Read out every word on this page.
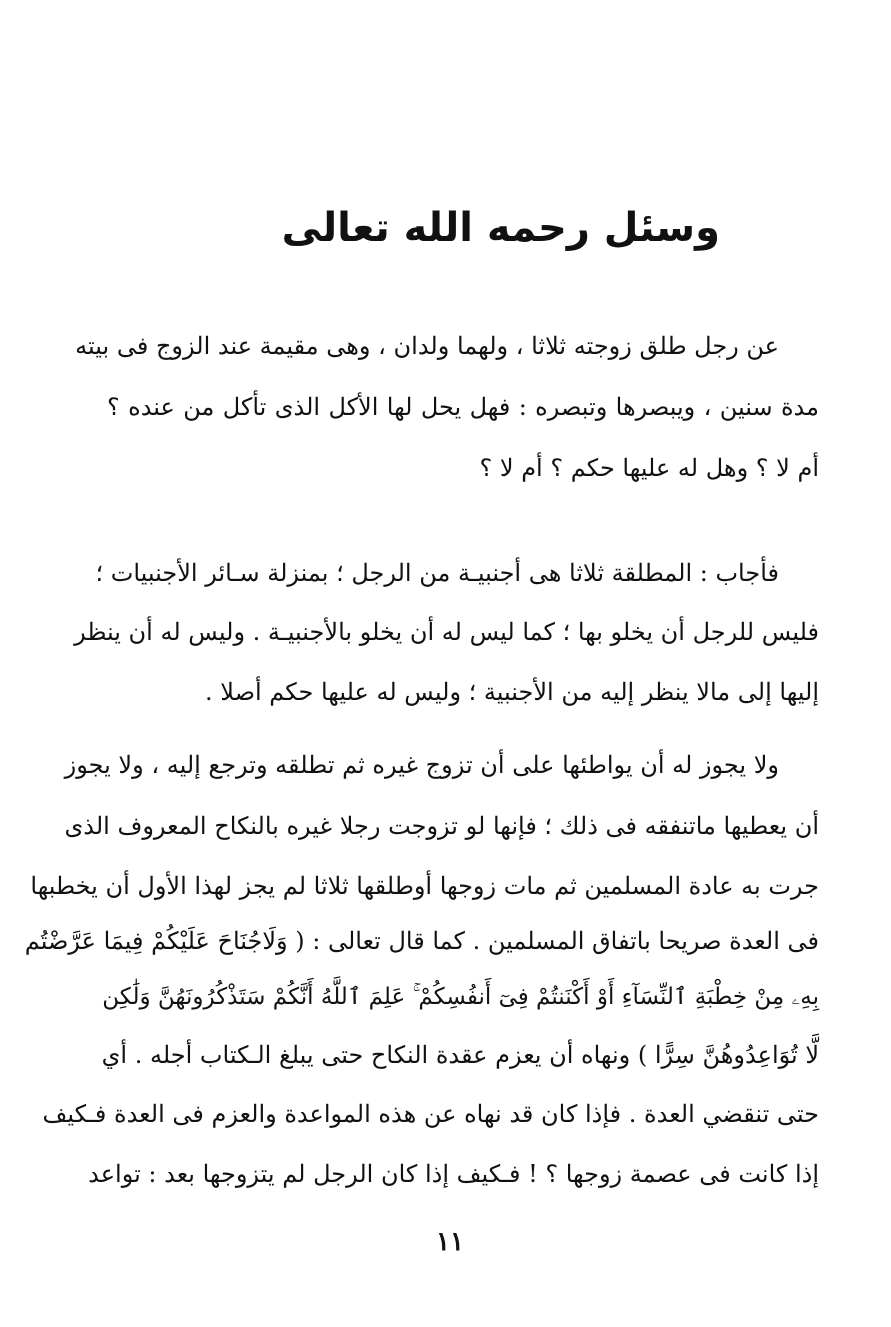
وسئل رحمه الله تعالى
عن رجل طلق زوجته ثلاثا ، ولهما ولدان ، وهى مقيمة عند الزوج فى بيته
مدة سنين ، ويبصرها وتبصره : فهل يحل لها الأكل الذى تأكل من عنده ؟
أم لا ؟ وهل له عليها حكم ؟ أم لا ؟
فأجاب : المطلقة ثلاثا هى أجنبيـة من الرجل ؛ بمنزلة سـائر الأجنبيات ؛
فليس للرجل أن يخلو بها ؛ كما ليس له أن يخلو بالأجنبيـة . وليس له أن ينظر
إليها إلى مالا ينظر إليه من الأجنبية ؛ وليس له عليها حكم أصلا .
ولا يجوز له أن يواطئها على أن تزوج غيره ثم تطلقه وترجع إليه ، ولا يجوز
أن يعطيها ماتنفقه فى ذلك ؛ فإنها لو تزوجت رجلا غيره بالنكاح المعروف الذى
جرت به عادة المسلمين ثم مات زوجها أوطلقها ثلاثا لم يجز لهذا الأول أن يخطبها
فى العدة صريحا باتفاق المسلمين . كما قال تعالى : ( وَلَاجُنَاحَ عَلَيْكُمْ فِيمَا عَرَّضْتُم
بِهِۦ مِنْ خِطْبَةِ ٱلنِّسَآءِ أَوْ أَكْنَنتُمْ فِىٓ أَنفُسِكُمْ ۚ عَلِمَ ٱللَّهُ أَنَّكُمْ سَتَذْكُرُونَهُنَّ وَلَٰكِن
لَّا تُوَاعِدُوهُنَّ سِرًّا ) ونهاه أن يعزم عقدة النكاح حتى يبلغ الـكتاب أجله . أي
حتى تنقضي العدة . فإذا كان قد نهاه عن هذه المواعدة والعزم فى العدة فـكيف
إذا كانت فى عصمة زوجها ؟ ! فـكيف إذا كان الرجل لم يتزوجها بعد : تواعد
١١
